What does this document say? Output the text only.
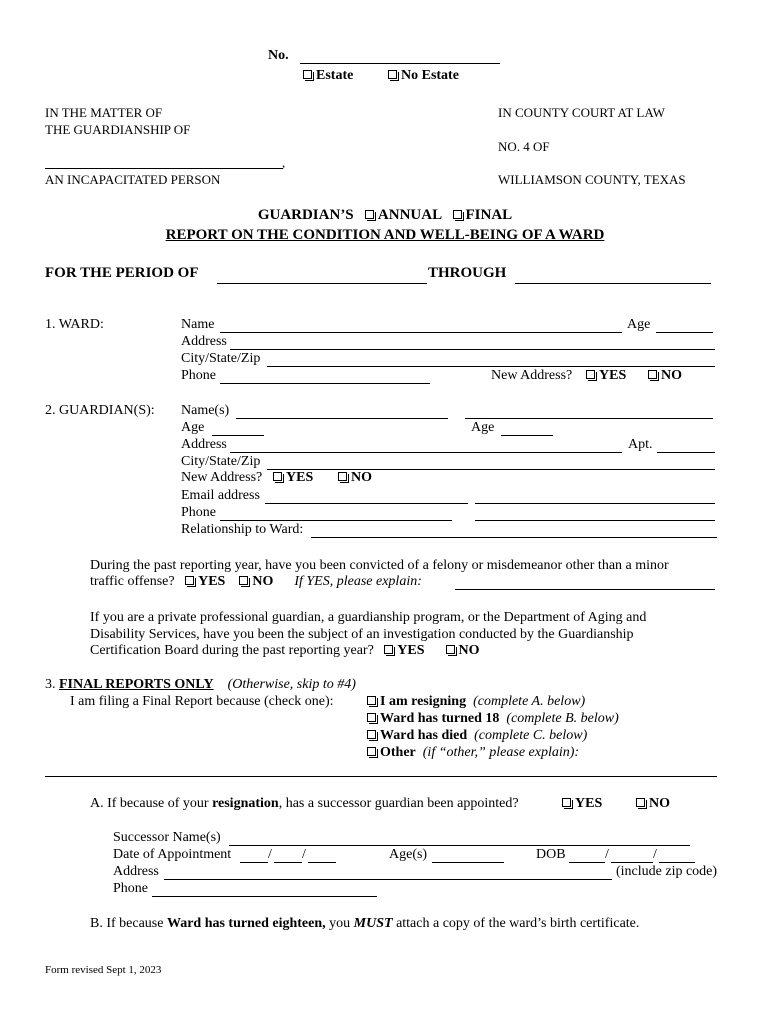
No.
Estate	No Estate
IN THE MATTER OF
THE GUARDIANSHIP OF
,
AN INCAPACITATED PERSON
IN COUNTY COURT AT LAW
NO. 4 OF
WILLIAMSON COUNTY, TEXAS
GUARDIAN’S ANNUAL FINAL
REPORT ON THE CONDITION AND WELL-BEING OF A WARD
FOR THE PERIOD OF	THROUGH
1. WARD:	Name	Age
Address
City/State/Zip
Phone	New Address?	YES	NO
2. GUARDIAN(S): Name(s)
Age	Age
Address	Apt.
City/State/Zip
New Address?	YES	NO
Email address
Phone
Relationship to Ward:
During the past reporting year, have you been convicted of a felony or misdemeanor other than a minor
traffic offense? YES NO If YES, please explain:
If you are a private professional guardian, a guardianship program, or the Department of Aging and
Disability Services, have you been the subject of an investigation conducted by the Guardianship
Certification Board during the past reporting year? YES NO
3. FINAL REPORTS ONLY (Otherwise, skip to #4)
I am filing a Final Report because (check one):	I am resigning (complete A. below)
Ward has turned 18 (complete B. below)
Ward has died (complete C. below)
Other (if “other,” please explain):
A. If because of your resignation, has a successor guardian been appointed?	YES	NO
Successor Name(s)
Date of Appointment	/ /	Age(s)	DOB	/	/
Address	(include zip code)
Phone
B. If because Ward has turned eighteen, you MUST attach a copy of the ward’s birth certificate.
Form revised Sept 1, 2023
